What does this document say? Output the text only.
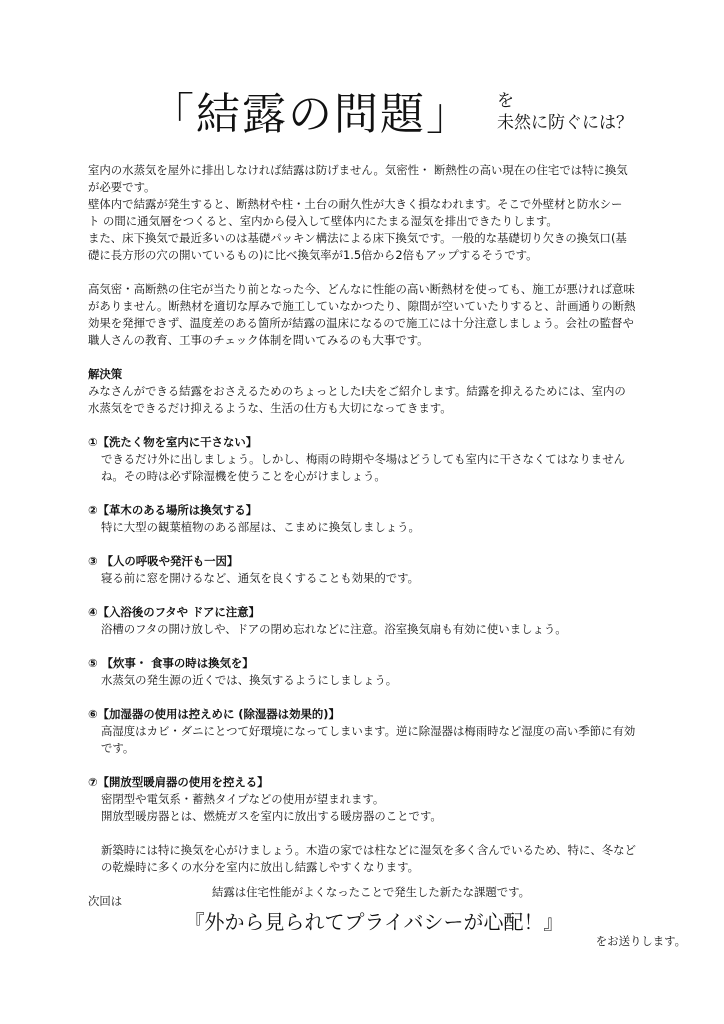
「結露の問題」 を
未然に防ぐには？

室内の水蒸気を屋外に排出しなければ結露は防げません。気密性・ 断熱性の高い現在の住宅では特に換気が必要です。

壁体内で結露が発生すると、断熱材や柱・土台の耐久性が大きく損なわれます。そこで外壁材と防水シー ト の間に通気層をつくると、室内から侵入して壁体内にたまる湿気を排出できたりします。

また、床下換気で最近多いのは基礎パッキン構法による床下換気です。一般的な基礎切り欠きの換気口(基礎に長方形の穴の開いているもの)に比べ換気率が1.5倍から2倍もアップするそうです。

高気密・高断熱の住宅が当たり前となった今、どんなに性能の高い断熱材を使っても、施工が悪ければ意味がありません。断熱材を適切な厚みで施工していなかつたり、隙間が空いていたりすると、計画通りの断熱効果を発揮できず、温度差のある箇所が結露の温床になるので施工には十分注意しましょう。会社の監督や職人さんの教育、工事のチェック体制を問いてみるのも大事です。

解決策

みなさんができる結露をおさえるためのちょっとしたI夫をご紹介します。結露を抑えるためには、室内の水蒸気をできるだけ抑えるような、生活の仕方も大切になってきます。

①【洗たく物を室内に干さない】

できるだけ外に出しましょう。しかし、梅雨の時期や冬場はどうしても室内に干さなくてはなりませんね。その時は必ず除湿機を使うことを心がけましょう。

②【革木のある場所は換気する】

特に大型の観葉植物のある部屋は、こまめに換気しましょう。

③ 【人の呼吸や発汗も一因】

寝る前に窓を開けるなど、通気を良くすることも効果的です。

④【入浴後のフタや ドアに注意】

浴槽のフタの開け放しや、ドアの閉め忘れなどに注意。浴室換気扇も有効に使いましょう。

⑤ 【炊事・ 食事の時は換気を】

水蒸気の発生源の近くでは、換気するようにしましょう。

⑥【加湿器の使用は控えめに (除湿器は効果的)】

高湿度はカビ・ダニにとつて好環境になってしまいます。逆に除湿器は梅雨時など湿度の高い季節に有効です。

⑦【開放型暖肩器の使用を控える】

密閉型や電気系・蓄熱タイプなどの使用が望まれます。

開放型暖房器とは、燃焼ガスを室内に放出する暖房器のことです。

新築時には特に換気を心がけましょう。木造の家では柱などに湿気を多く含んでいるため、特に、冬などの乾燥時に多くの水分を室内に放出し結露しやすくなります。

結露は住宅性能がよくなったことで発生した新たな課題です。

次回は
『外から見られてプライバシーが心配！』
をお送りします。
